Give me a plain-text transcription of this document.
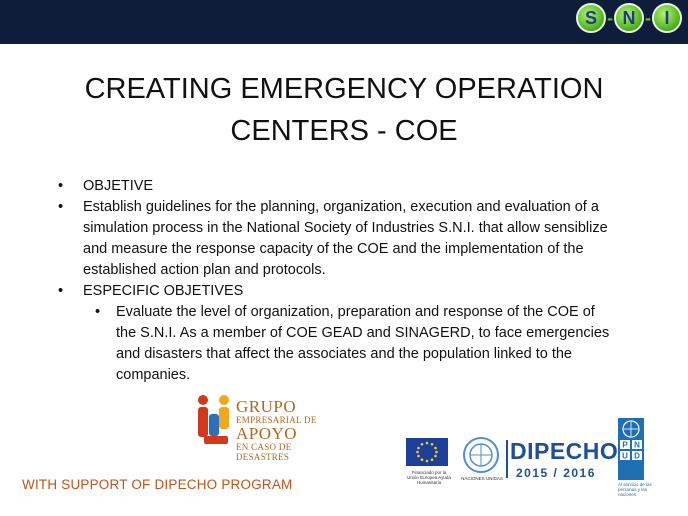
S - N - I
CREATING EMERGENCY OPERATION
CENTERS - COE
• OBJETIVE
• Establish guidelines for the planning, organization, execution and evaluation of a simulation process in the National Society of Industries S.N.I. that allow sensiblize and measure the response capacity of the COE and the implementation of the established action plan and protocols.
• ESPECIFIC OBJETIVES
• Evaluate the level of organization, preparation and response of the COE of the S.N.I. As a member of COE GEAD and SINAGERD, to face emergencies and disasters that affect the associates and the population linked to the companies.
GRUPO
EMPRESARIAL DE
APOYO
EN CASO DE DESASTRES
WITH SUPPORT OF DIPECHO PROGRAM
Financiado por la Unión Europea Ayuda Humanitaria
NACIONES UNIDAS
DIPECHO
2015 / 2016
P N
U D
Al servicio de las personas y las naciones
